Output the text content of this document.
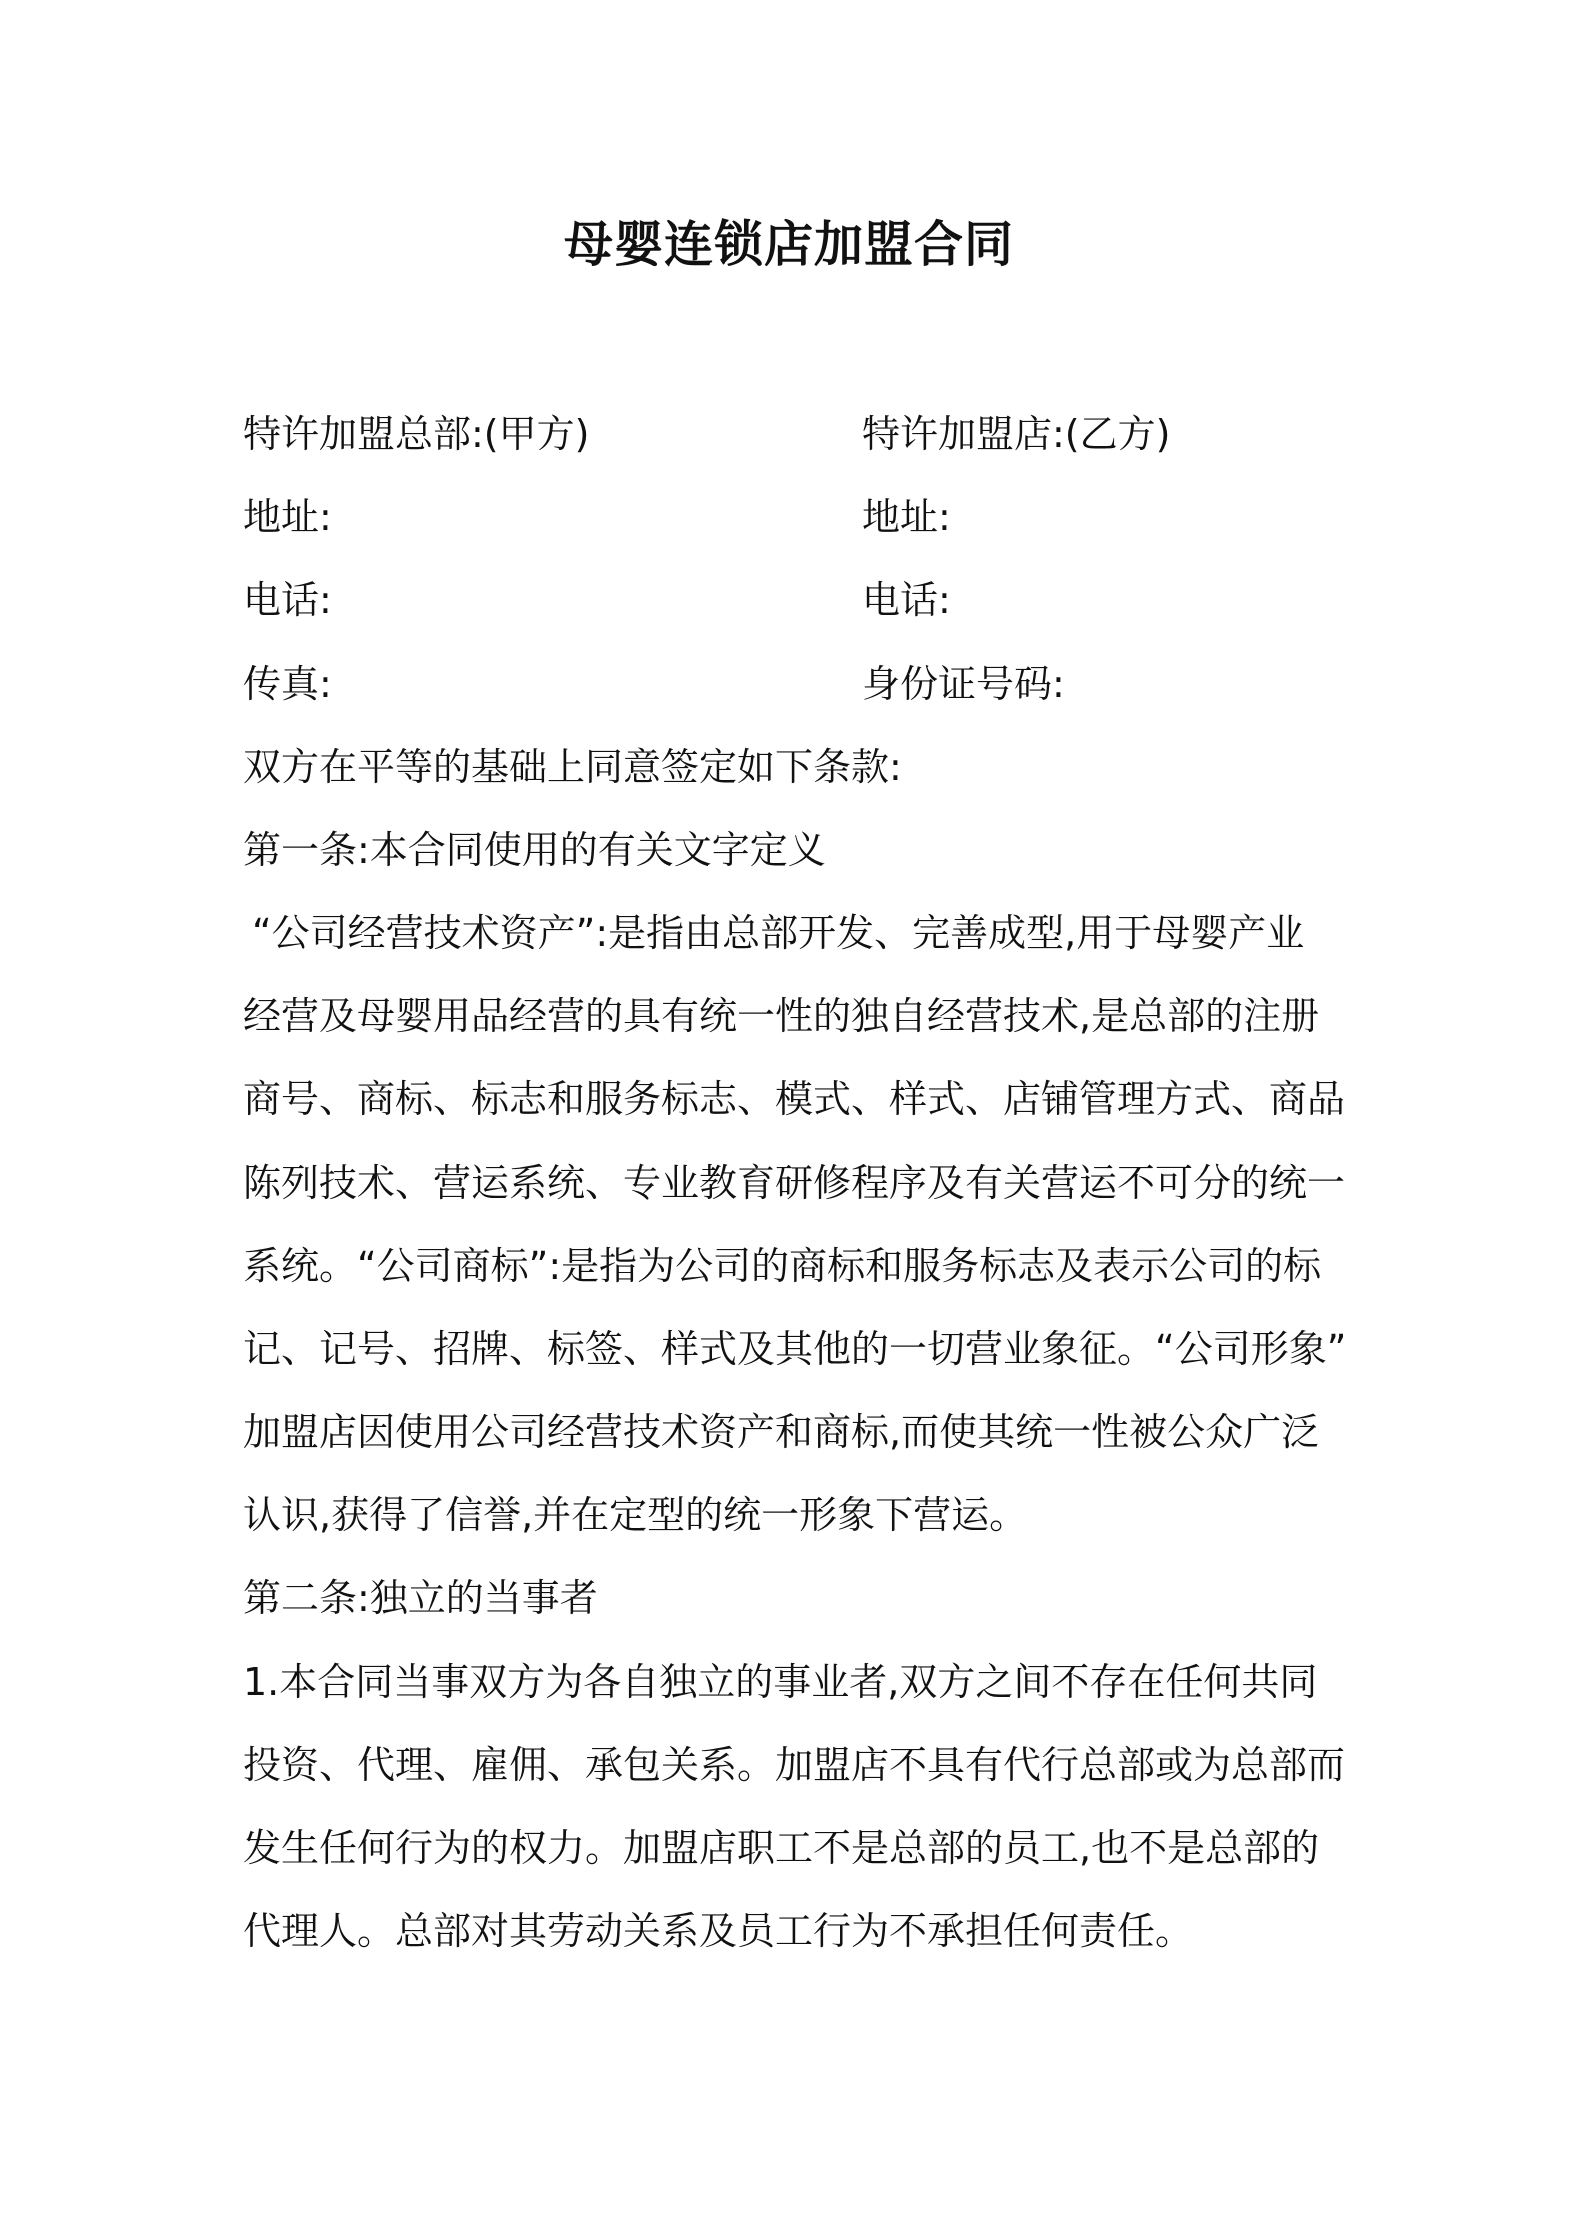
母婴连锁店加盟合同
特许加盟总部:(甲方)	特许加盟店:(乙方)
地址:	地址:
电话:	电话:
传真:	身份证号码:
双方在平等的基础上同意签定如下条款:
第一条:本合同使用的有关文字定义
“公司经营技术资产”:是指由总部开发、完善成型,用于母婴产业
经营及母婴用品经营的具有统一性的独自经营技术,是总部的注册
商号、商标、标志和服务标志、模式、样式、店铺管理方式、商品
陈列技术、营运系统、专业教育研修程序及有关营运不可分的统一
系统。“公司商标”:是指为公司的商标和服务标志及表示公司的标
记、记号、招牌、标签、样式及其他的一切营业象征。“公司形象”
加盟店因使用公司经营技术资产和商标,而使其统一性被公众广泛
认识,获得了信誉,并在定型的统一形象下营运。
第二条:独立的当事者
1.本合同当事双方为各自独立的事业者,双方之间不存在任何共同
投资、代理、雇佣、承包关系。加盟店不具有代行总部或为总部而
发生任何行为的权力。加盟店职工不是总部的员工,也不是总部的
代理人。总部对其劳动关系及员工行为不承担任何责任。
